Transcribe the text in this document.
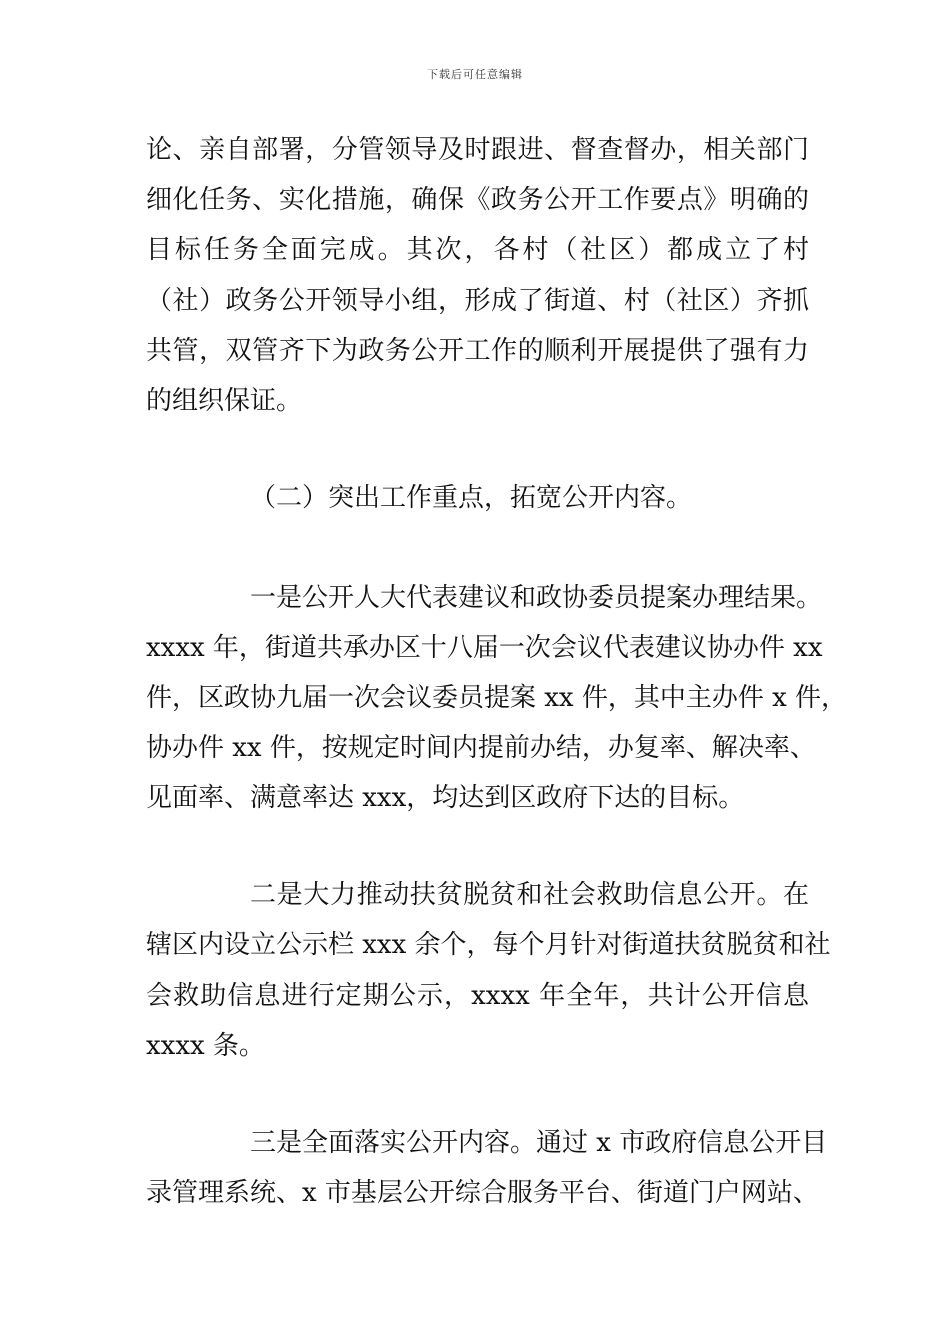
下载后可任意编辑
论、亲自部署，分管领导及时跟进、督查督办，相关部门
细化任务、实化措施，确保《政务公开工作要点》明确的
目标任务全面完成。其次，各村（社区）都成立了村
（社）政务公开领导小组，形成了街道、村（社区）齐抓
共管，双管齐下为政务公开工作的顺利开展提供了强有力
的组织保证。
（二）突出工作重点，拓宽公开内容。
一是公开人大代表建议和政协委员提案办理结果。
xxxx 年，街道共承办区十八届一次会议代表建议协办件 xx
件，区政协九届一次会议委员提案 xx 件，其中主办件 x 件，
协办件 xx 件，按规定时间内提前办结，办复率、解决率、
见面率、满意率达 xxx，均达到区政府下达的目标。
二是大力推动扶贫脱贫和社会救助信息公开。在
辖区内设立公示栏 xxx 余个，每个月针对街道扶贫脱贫和社
会救助信息进行定期公示，xxxx 年全年，共计公开信息
xxxx 条。
三是全面落实公开内容。通过 x 市政府信息公开目
录管理系统、x 市基层公开综合服务平台、街道门户网站、
